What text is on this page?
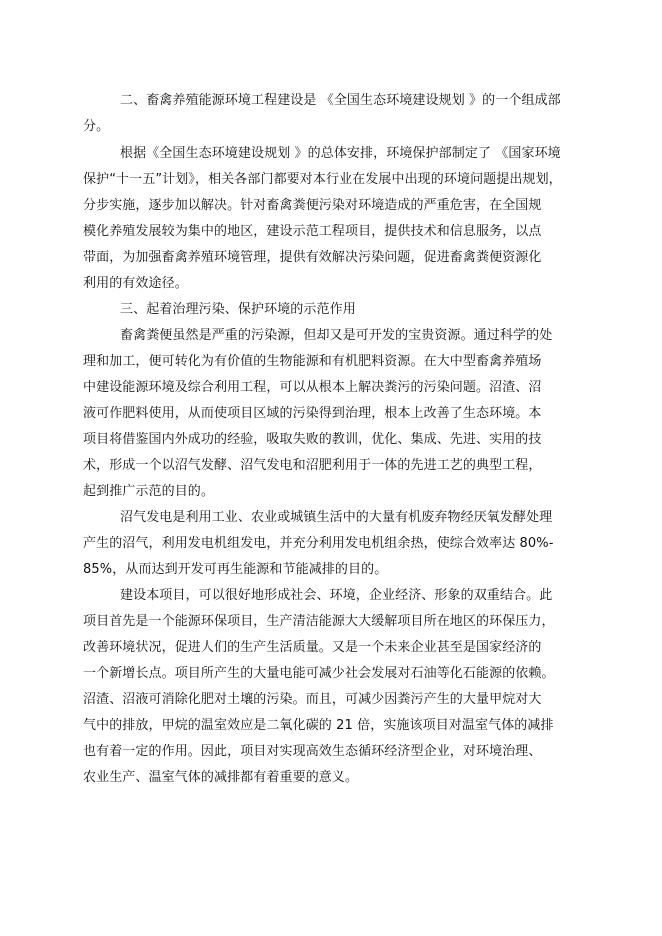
二、畜禽养殖能源环境工程建设是 《全国生态环境建设规划 》的一个组成部
分。
根据《全国生态环境建设规划 》的总体安排，环境保护部制定了 《国家环境
保护“十一五”计划》，相关各部门都要对本行业在发展中出现的环境问题提出规划，
分步实施，逐步加以解决。针对畜禽粪便污染对环境造成的严重危害，在全国规
模化养殖发展较为集中的地区，建设示范工程项目，提供技术和信息服务，以点
带面，为加强畜禽养殖环境管理，提供有效解决污染问题，促进畜禽粪便资源化
利用的有效途径。
三、起着治理污染、保护环境的示范作用
畜禽粪便虽然是严重的污染源，但却又是可开发的宝贵资源。通过科学的处
理和加工，便可转化为有价值的生物能源和有机肥料资源。在大中型畜禽养殖场
中建设能源环境及综合利用工程，可以从根本上解决粪污的污染问题。沼渣、沼
液可作肥料使用，从而使项目区域的污染得到治理，根本上改善了生态环境。本
项目将借鉴国内外成功的经验，吸取失败的教训，优化、集成、先进、实用的技
术，形成一个以沼气发酵、沼气发电和沼肥利用于一体的先进工艺的典型工程，
起到推广示范的目的。
沼气发电是利用工业、农业或城镇生活中的大量有机废弃物经厌氧发酵处理
产生的沼气，利用发电机组发电，并充分利用发电机组余热，使综合效率达 80%-
85%，从而达到开发可再生能源和节能减排的目的。
建设本项目，可以很好地形成社会、环境，企业经济、形象的双重结合。此
项目首先是一个能源环保项目，生产清洁能源大大缓解项目所在地区的环保压力，
改善环境状况，促进人们的生产生活质量。又是一个未来企业甚至是国家经济的
一个新增长点。项目所产生的大量电能可减少社会发展对石油等化石能源的依赖。
沼渣、沼液可消除化肥对土壤的污染。而且，可减少因粪污产生的大量甲烷对大
气中的排放，甲烷的温室效应是二氧化碳的 21 倍，实施该项目对温室气体的减排
也有着一定的作用。因此，项目对实现高效生态循环经济型企业，对环境治理、
农业生产、温室气体的减排都有着重要的意义。
